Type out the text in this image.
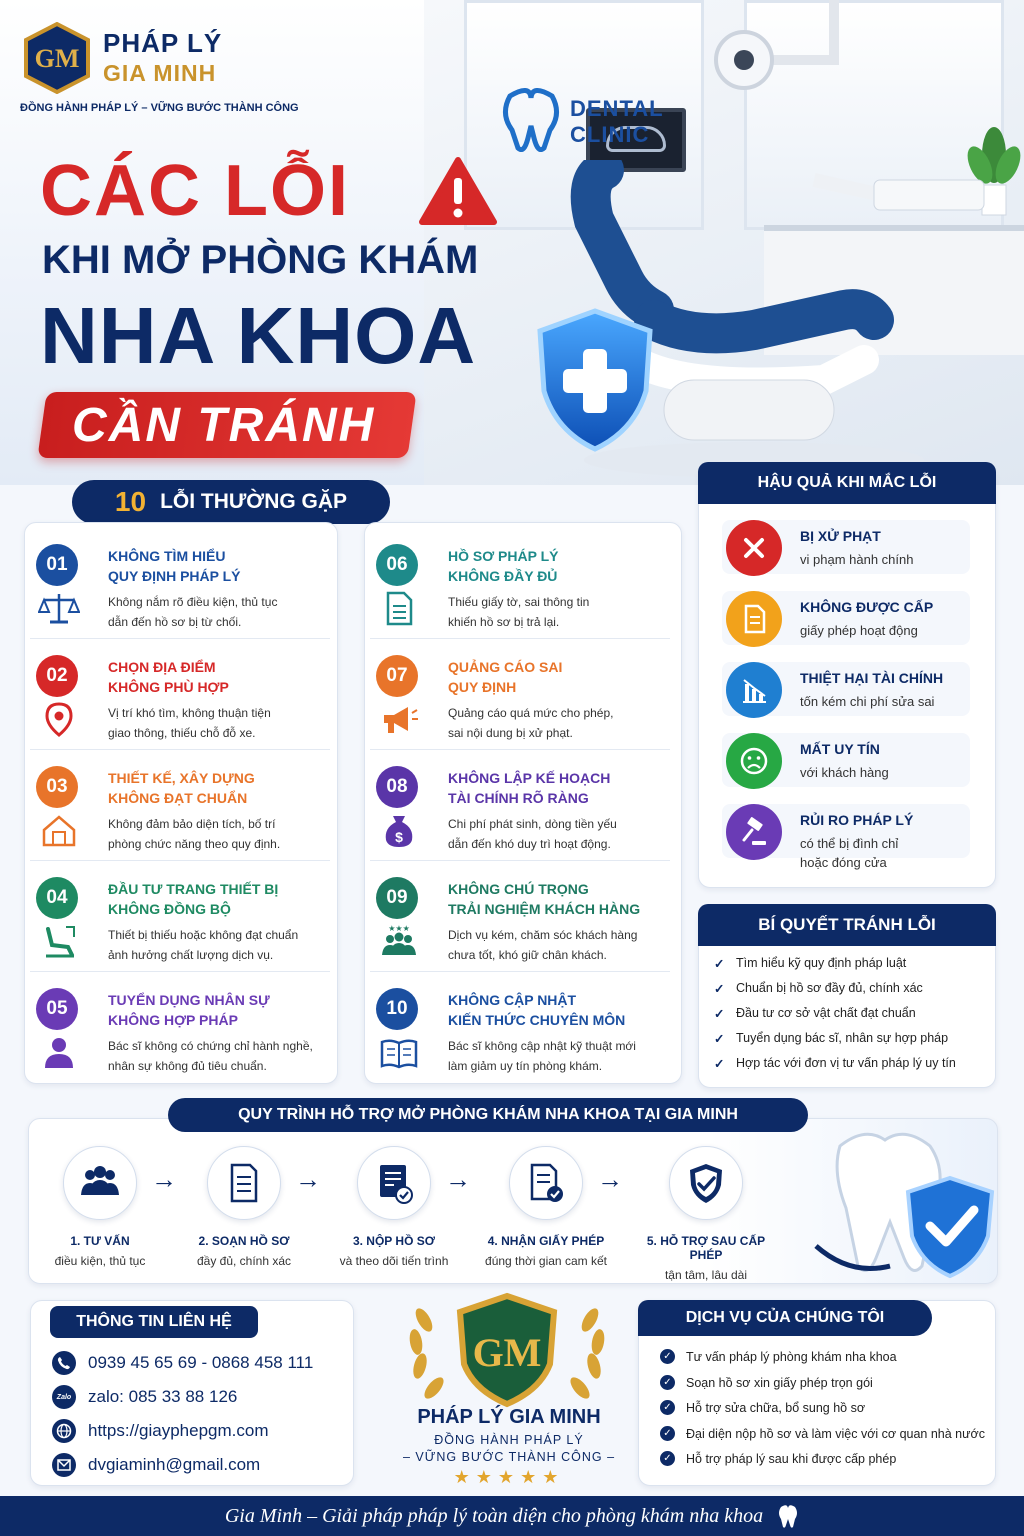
GM
PHÁP LÝ
GIA MINH
ĐỒNG HÀNH PHÁP LÝ – VỮNG BƯỚC THÀNH CÔNG	DENTAL
CLINIC
CÁC LỖI
KHI MỞ PHÒNG KHÁM
NHA KHOA
CẦN TRÁNH
10 LỖI THƯỜNG GẶP
01	KHÔNG TÌM HIỂU
QUY ĐỊNH PHÁP LÝ
Không nắm rõ điều kiện, thủ tục
dẫn đến hồ sơ bị từ chối.
02	CHỌN ĐỊA ĐIỂM
KHÔNG PHÙ HỢP
Vị trí khó tìm, không thuận tiện
giao thông, thiếu chỗ đỗ xe.
03	THIẾT KẾ, XÂY DỰNG
KHÔNG ĐẠT CHUẨN
Không đảm bảo diện tích, bố trí
phòng chức năng theo quy định.
04	ĐẦU TƯ TRANG THIẾT BỊ
KHÔNG ĐỒNG BỘ
Thiết bị thiếu hoặc không đạt chuẩn
ảnh hưởng chất lượng dịch vụ.
05	TUYỂN DỤNG NHÂN SỰ
KHÔNG HỢP PHÁP
Bác sĩ không có chứng chỉ hành nghề,
nhân sự không đủ tiêu chuẩn.
06	HỒ SƠ PHÁP LÝ
KHÔNG ĐẦY ĐỦ
Thiếu giấy tờ, sai thông tin
khiến hồ sơ bị trả lại.
07	QUẢNG CÁO SAI
QUY ĐỊNH
Quảng cáo quá mức cho phép,
sai nội dung bị xử phạt.
08
$
KHÔNG LẬP KẾ HOẠCH
TÀI CHÍNH RÕ RÀNG
Chi phí phát sinh, dòng tiền yếu
dẫn đến khó duy trì hoạt động.
09
★★★
KHÔNG CHÚ TRỌNG
TRẢI NGHIỆM KHÁCH HÀNG
Dịch vụ kém, chăm sóc khách hàng
chưa tốt, khó giữ chân khách.
10	KHÔNG CẬP NHẬT
KIẾN THỨC CHUYÊN MÔN
Bác sĩ không cập nhật kỹ thuật mới
làm giảm uy tín phòng khám.
HẬU QUẢ KHI MẮC LỖI
BỊ XỬ PHẠT
vi phạm hành chính
KHÔNG ĐƯỢC CẤP
giấy phép hoạt động
THIỆT HẠI TÀI CHÍNH
tốn kém chi phí sửa sai
MẤT UY TÍN
với khách hàng
RỦI RO PHÁP LÝ
có thể bị đình chỉ
hoặc đóng cửa
BÍ QUYẾT TRÁNH LỖI
✓ Tìm hiểu kỹ quy định pháp luật
✓ Chuẩn bị hồ sơ đầy đủ, chính xác
✓ Đầu tư cơ sở vật chất đạt chuẩn
✓ Tuyển dụng bác sĩ, nhân sự hợp pháp
✓ Hợp tác với đơn vị tư vấn pháp lý uy tín
QUY TRÌNH HỖ TRỢ MỞ PHÒNG KHÁM NHA KHOA TẠI GIA MINH
1. TƯ VẤN
điều kiện, thủ tục
→
2. SOẠN HỒ SƠ
đầy đủ, chính xác
→
3. NỘP HỒ SƠ
và theo dõi tiến trình
→
4. NHẬN GIẤY PHÉP
đúng thời gian cam kết
→
5. HỖ TRỢ SAU CẤP PHÉP
tận tâm, lâu dài
THÔNG TIN LIÊN HỆ
0939 45 65 69 - 0868 458 111
Zalo zalo: 085 33 88 126
https://giayphepgm.com
dvgiaminh@gmail.com
GM
PHÁP LÝ GIA MINH
ĐỒNG HÀNH PHÁP LÝ
– VỮNG BƯỚC THÀNH CÔNG –
★★★★★
DỊCH VỤ CỦA CHÚNG TÔI
✓ Tư vấn pháp lý phòng khám nha khoa
✓ Soạn hồ sơ xin giấy phép trọn gói
✓ Hỗ trợ sửa chữa, bổ sung hồ sơ
✓ Đại diện nộp hồ sơ và làm việc với cơ quan nhà nước
✓ Hỗ trợ pháp lý sau khi được cấp phép
Gia Minh – Giải pháp pháp lý toàn diện cho phòng khám nha khoa
